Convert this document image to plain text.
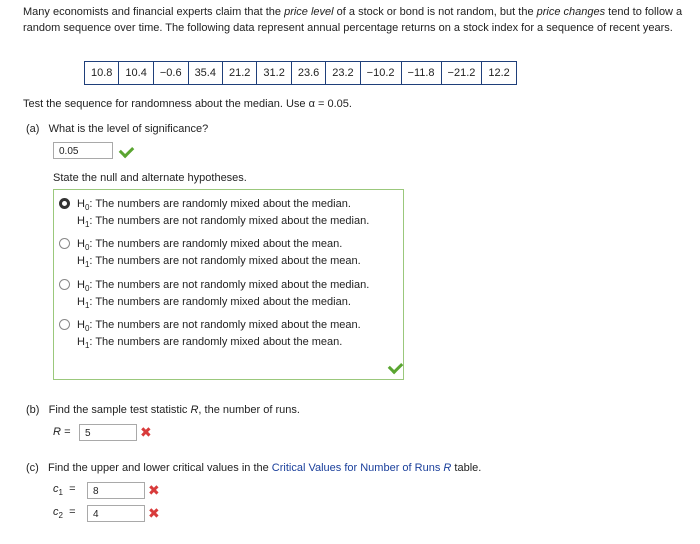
Many economists and financial experts claim that the price level of a stock or bond is not random, but the price changes tend to follow a random sequence over time. The following data represent annual percentage returns on a stock index for a sequence of recent years.
10.8	10.4	−0.6	35.4	21.2	31.2	23.6	23.2	−10.2	−11.8	−21.2	12.2
Test the sequence for randomness about the median. Use α = 0.05.
(a) What is the level of significance?
0.05
State the null and alternate hypotheses.
$H_0$: The numbers are randomly mixed about the median.
$H_1$: The numbers are not randomly mixed about the median.
$H_0$: The numbers are randomly mixed about the mean.
$H_1$: The numbers are not randomly mixed about the mean.
$H_0$: The numbers are not randomly mixed about the median.
$H_1$: The numbers are randomly mixed about the median.
$H_0$: The numbers are not randomly mixed about the mean.
$H_1$: The numbers are randomly mixed about the mean.
(b) Find the sample test statistic R, the number of runs.
R =	5	✖
(c) Find the upper and lower critical values in the Critical Values for Number of Runs R table.
$c_1$  =	8	✖
$c_2$  =	4	✖
